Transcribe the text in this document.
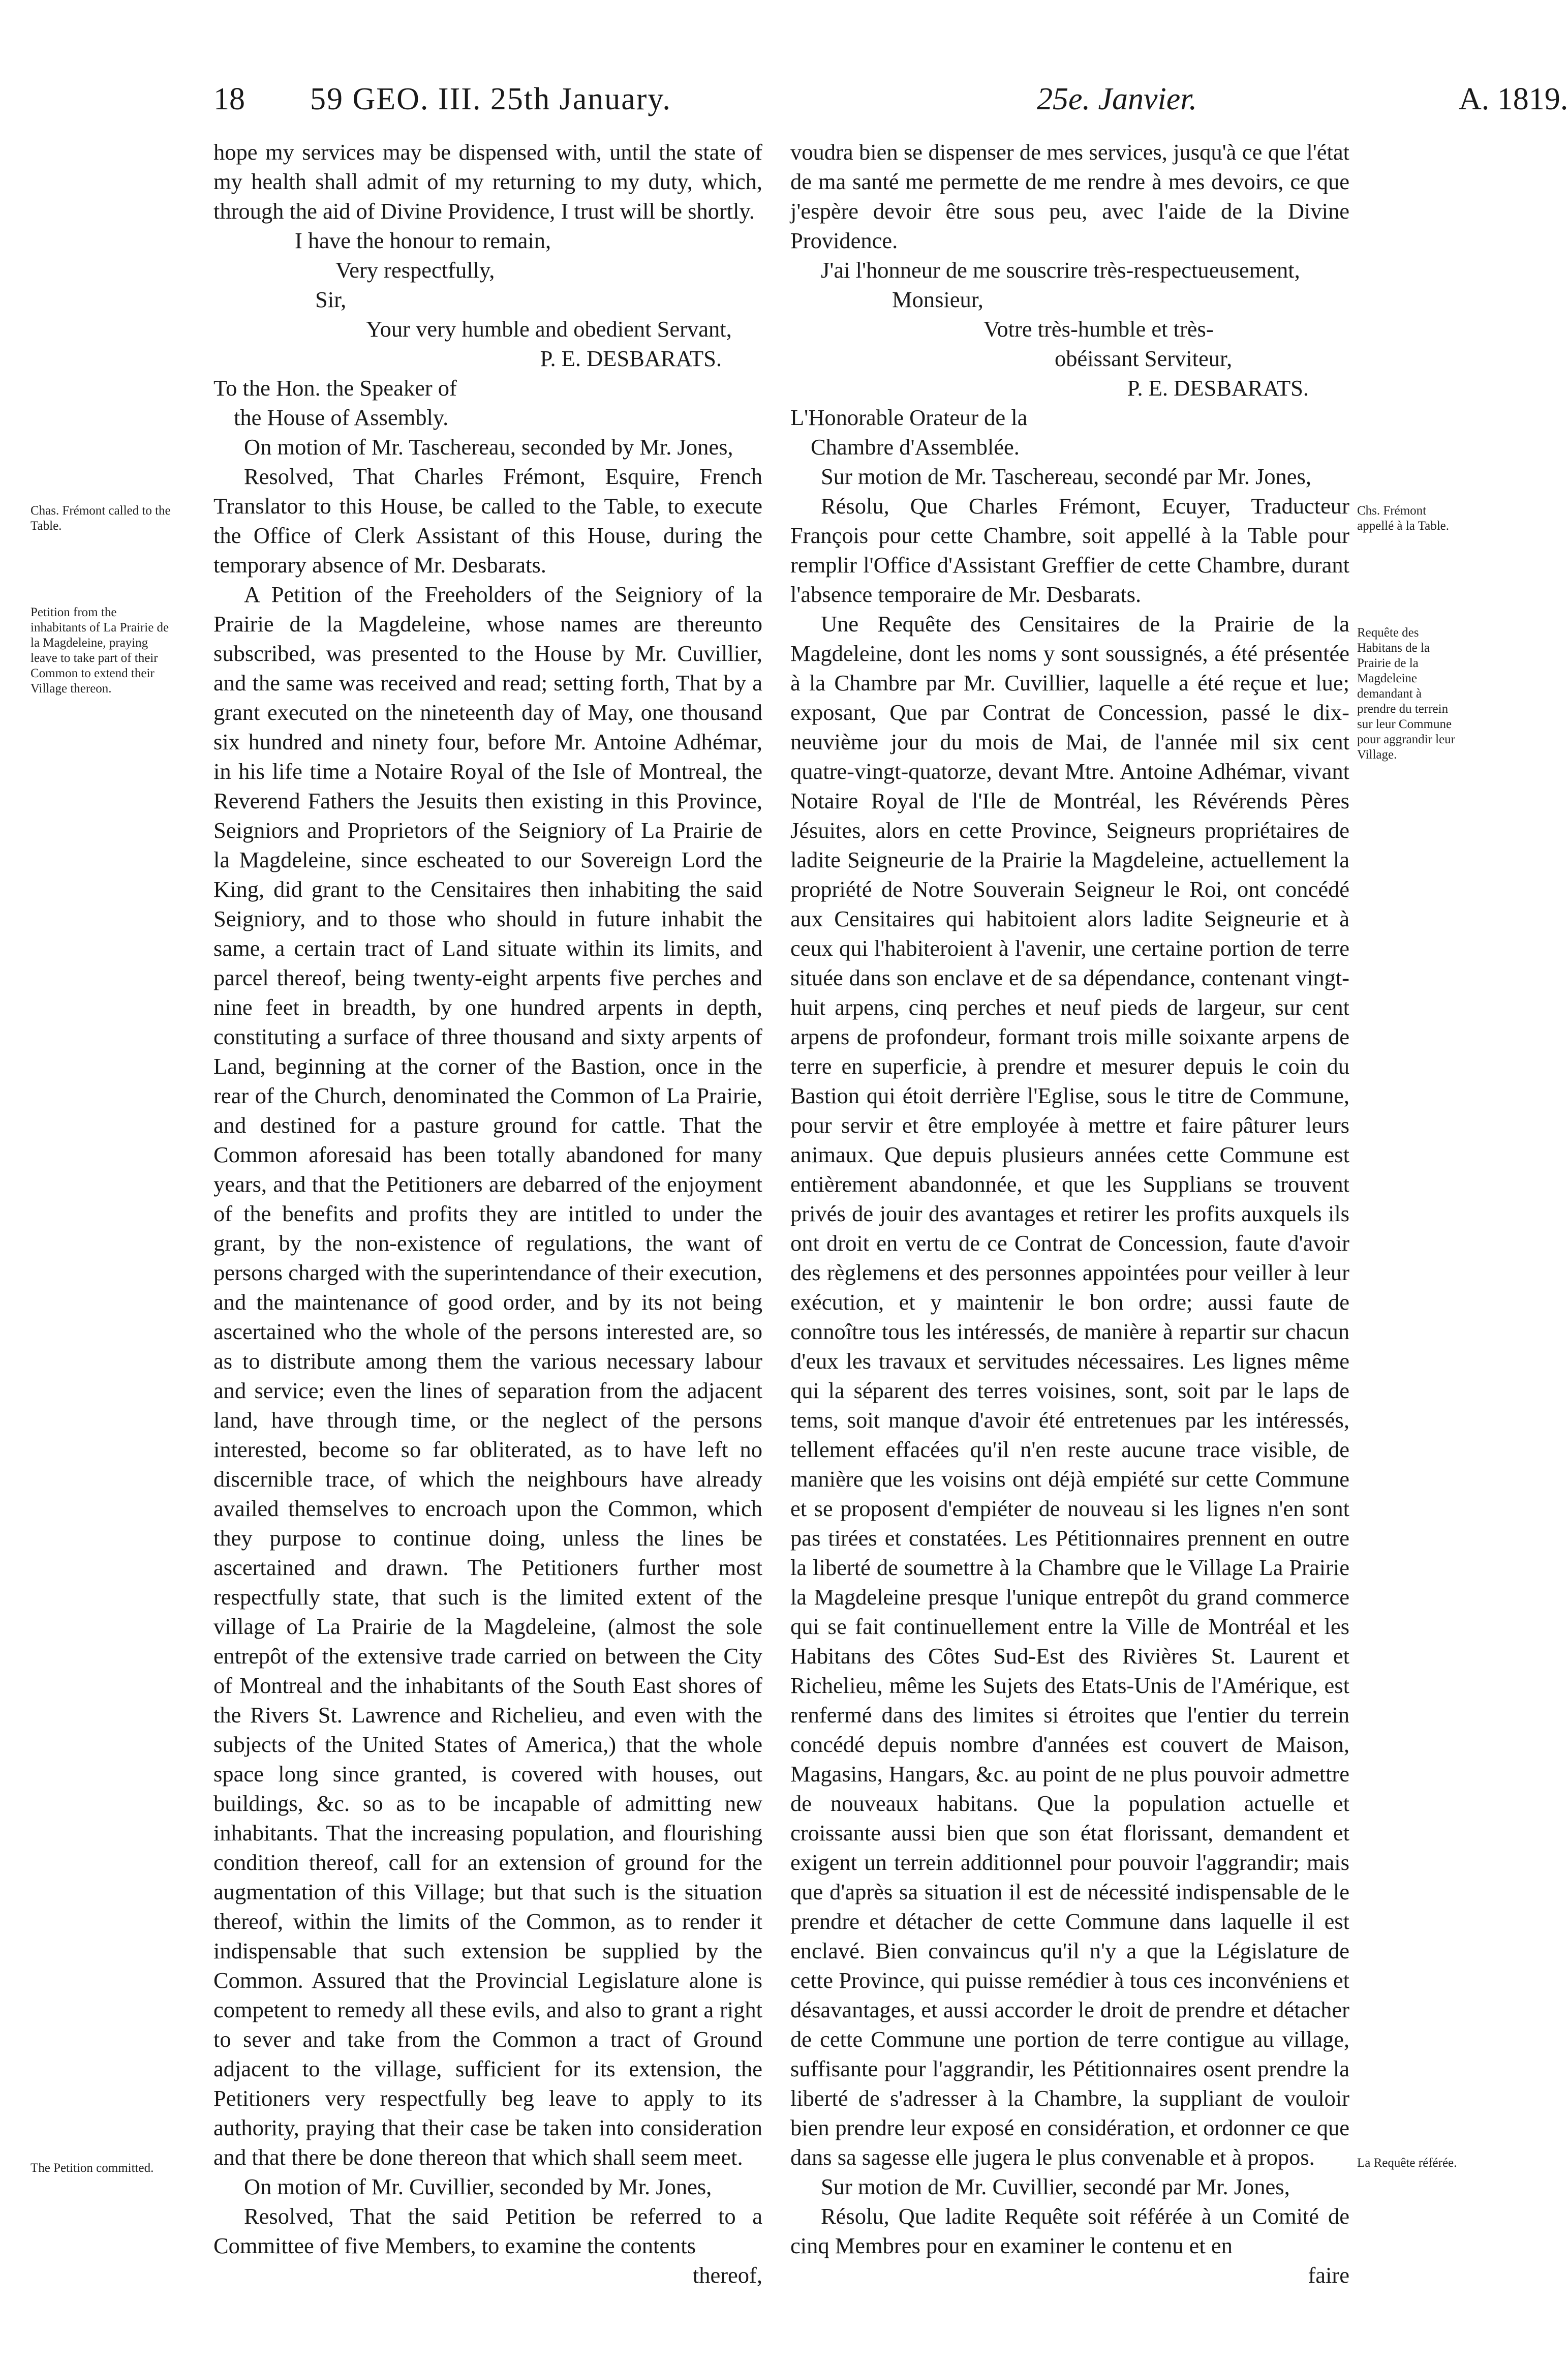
18 59 GEO. III. 25th January.	25e. Janvier.	A. 1819.

hope my services may be dispensed with, until the state of my health shall admit of my returning to my duty, which, through the aid of Divine Providence, I trust will be shortly.

I have the honour to remain,

Very respectfully,

Sir,

Your very humble and obedient Servant,

P. E. DESBARATS.

To the Hon. the Speaker of

the House of Assembly.

On motion of Mr. Taschereau, seconded by Mr. Jones,

Resolved, That Charles Frémont, Esquire, French Translator to this House, be called to the Table, to execute the Office of Clerk Assistant of this House, during the temporary absence of Mr. Desbarats.

A Petition of the Freeholders of the Seigniory of la Prairie de la Magdeleine, whose names are thereunto subscribed, was presented to the House by Mr. Cuvillier, and the same was received and read; setting forth, That by a grant executed on the nineteenth day of May, one thousand six hundred and ninety four, before Mr. Antoine Adhémar, in his life time a Notaire Royal of the Isle of Montreal, the Reverend Fathers the Jesuits then existing in this Province, Seigniors and Proprietors of the Seigniory of La Prairie de la Magdeleine, since escheated to our Sovereign Lord the King, did grant to the Censitaires then inhabiting the said Seigniory, and to those who should in future inhabit the same, a certain tract of Land situate within its limits, and parcel thereof, being twenty-eight arpents five perches and nine feet in breadth, by one hundred arpents in depth, constituting a surface of three thousand and sixty arpents of Land, beginning at the corner of the Bastion, once in the rear of the Church, denominated the Common of La Prairie, and destined for a pasture ground for cattle. That the Common aforesaid has been totally abandoned for many years, and that the Petitioners are debarred of the enjoyment of the benefits and profits they are intitled to under the grant, by the non-existence of regulations, the want of persons charged with the superintendance of their execution, and the maintenance of good order, and by its not being ascertained who the whole of the persons interested are, so as to distribute among them the various necessary labour and service; even the lines of separation from the adjacent land, have through time, or the neglect of the persons interested, become so far obliterated, as to have left no discernible trace, of which the neighbours have already availed themselves to encroach upon the Common, which they purpose to continue doing, unless the lines be ascertained and drawn. The Petitioners further most respectfully state, that such is the limited extent of the village of La Prairie de la Magdeleine, (almost the sole entrepôt of the extensive trade carried on between the City of Montreal and the inhabitants of the South East shores of the Rivers St. Lawrence and Richelieu, and even with the subjects of the United States of America,) that the whole space long since granted, is covered with houses, out buildings, &c. so as to be incapable of admitting new inhabitants. That the increasing population, and flourishing condition thereof, call for an extension of ground for the augmentation of this Village; but that such is the situation thereof, within the limits of the Common, as to render it indispensable that such extension be supplied by the Common. Assured that the Provincial Legislature alone is competent to remedy all these evils, and also to grant a right to sever and take from the Common a tract of Ground adjacent to the village, sufficient for its extension, the Petitioners very respectfully beg leave to apply to its authority, praying that their case be taken into consideration and that there be done thereon that which shall seem meet.

On motion of Mr. Cuvillier, seconded by Mr. Jones,

Resolved, That the said Petition be referred to a Committee of five Members, to examine the contents

thereof,

voudra bien se dispenser de mes services, jusqu'à ce que l'état de ma santé me permette de me rendre à mes devoirs, ce que j'espère devoir être sous peu, avec l'aide de la Divine Providence.

J'ai l'honneur de me souscrire très-respectueusement,

Monsieur,

Votre très-humble et très-

obéissant Serviteur,

P. E. DESBARATS.

L'Honorable Orateur de la

Chambre d'Assemblée.

Sur motion de Mr. Taschereau, secondé par Mr. Jones,

Résolu, Que Charles Frémont, Ecuyer, Traducteur François pour cette Chambre, soit appellé à la Table pour remplir l'Office d'Assistant Greffier de cette Chambre, durant l'absence temporaire de Mr. Desbarats.

Une Requête des Censitaires de la Prairie de la Magdeleine, dont les noms y sont soussignés, a été présentée à la Chambre par Mr. Cuvillier, laquelle a été reçue et lue; exposant, Que par Contrat de Concession, passé le dix-neuvième jour du mois de Mai, de l'année mil six cent quatre-vingt-quatorze, devant Mtre. Antoine Adhémar, vivant Notaire Royal de l'Ile de Montréal, les Révérends Pères Jésuites, alors en cette Province, Seigneurs propriétaires de ladite Seigneurie de la Prairie la Magdeleine, actuellement la propriété de Notre Souverain Seigneur le Roi, ont concédé aux Censitaires qui habitoient alors ladite Seigneurie et à ceux qui l'habiteroient à l'avenir, une certaine portion de terre située dans son enclave et de sa dépendance, contenant vingt-huit arpens, cinq perches et neuf pieds de largeur, sur cent arpens de profondeur, formant trois mille soixante arpens de terre en superficie, à prendre et mesurer depuis le coin du Bastion qui étoit derrière l'Eglise, sous le titre de Commune, pour servir et être employée à mettre et faire pâturer leurs animaux. Que depuis plusieurs années cette Commune est entièrement abandonnée, et que les Supplians se trouvent privés de jouir des avantages et retirer les profits auxquels ils ont droit en vertu de ce Contrat de Concession, faute d'avoir des règlemens et des personnes appointées pour veiller à leur exécution, et y maintenir le bon ordre; aussi faute de connoître tous les intéressés, de manière à repartir sur chacun d'eux les travaux et servitudes nécessaires. Les lignes même qui la séparent des terres voisines, sont, soit par le laps de tems, soit manque d'avoir été entretenues par les intéressés, tellement effacées qu'il n'en reste aucune trace visible, de manière que les voisins ont déjà empiété sur cette Commune et se proposent d'empiéter de nouveau si les lignes n'en sont pas tirées et constatées. Les Pétitionnaires prennent en outre la liberté de soumettre à la Chambre que le Village La Prairie la Magdeleine presque l'unique entrepôt du grand commerce qui se fait continuellement entre la Ville de Montréal et les Habitans des Côtes Sud-Est des Rivières St. Laurent et Richelieu, même les Sujets des Etats-Unis de l'Amérique, est renfermé dans des limites si étroites que l'entier du terrein concédé depuis nombre d'années est couvert de Maison, Magasins, Hangars, &c. au point de ne plus pouvoir admettre de nouveaux habitans. Que la population actuelle et croissante aussi bien que son état florissant, demandent et exigent un terrein additionnel pour pouvoir l'aggrandir; mais que d'après sa situation il est de nécessité indispensable de le prendre et détacher de cette Commune dans laquelle il est enclavé. Bien convaincus qu'il n'y a que la Législature de cette Province, qui puisse remédier à tous ces inconvéniens et désavantages, et aussi accorder le droit de prendre et détacher de cette Commune une portion de terre contigue au village, suffisante pour l'aggrandir, les Pétitionnaires osent prendre la liberté de s'adresser à la Chambre, la suppliant de vouloir bien prendre leur exposé en considération, et ordonner ce que dans sa sagesse elle jugera le plus convenable et à propos.

Sur motion de Mr. Cuvillier, secondé par Mr. Jones,

Résolu, Que ladite Requête soit référée à un Comité de cinq Membres pour en examiner le contenu et en

faire

Chas. Frémont called to the Table.
Petition from the inhabitants of La Prairie de la Magdeleine, praying leave to take part of their Common to extend their Village thereon.
The Petition committed.
Chs. Frémont appellé à la Table.
Requête des Habitans de la Prairie de la Magdeleine demandant à prendre du terrein sur leur Commune pour aggrandir leur Village.
La Requête référée.
